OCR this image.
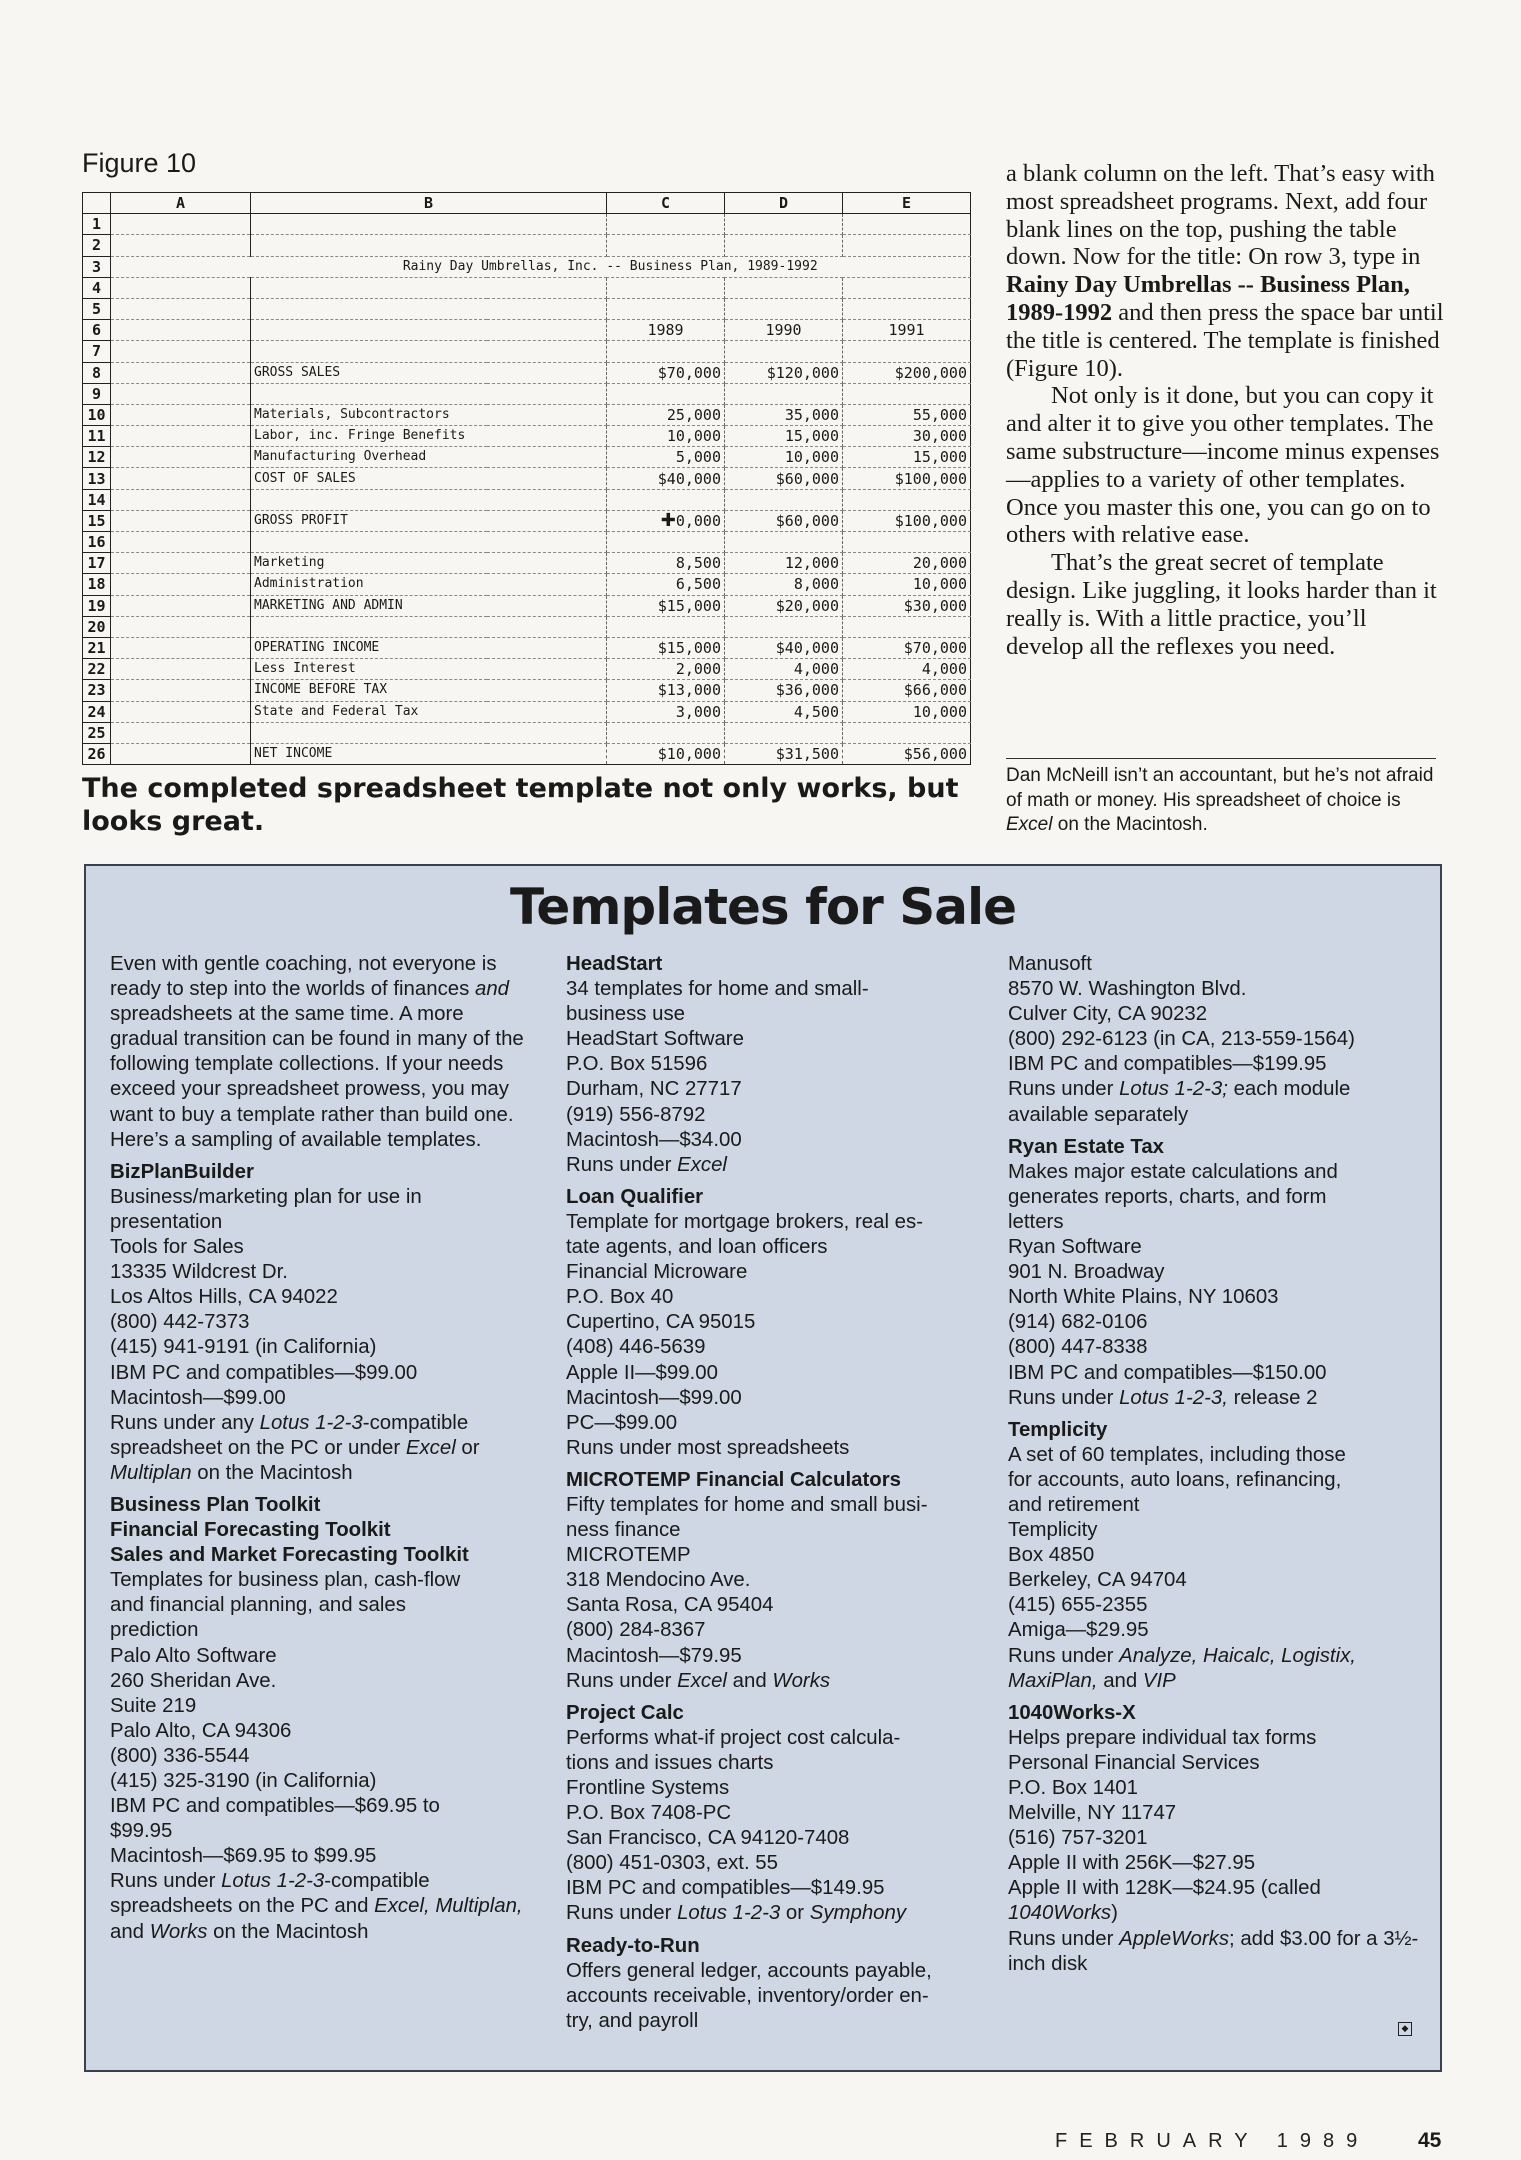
Figure 10
	A	B	C	D	E	
1						
2						
3		Rainy Day Umbrellas, Inc. -- Business Plan, 1989-1992				
4						
5						
6			1989	1990	1991	
7						
8		GROSS SALES	$70,000	$120,000	$200,000	
9						
10		Materials, Subcontractors	25,000	35,000	55,000	
11		Labor, inc. Fringe Benefits	10,000	15,000	30,000	
12		Manufacturing Overhead	5,000	10,000	15,000	
13		COST OF SALES	$40,000	$60,000	$100,000	
14						
15		GROSS PROFIT	✚0,000	$60,000	$100,000	
16						
17		Marketing	8,500	12,000	20,000	
18		Administration	6,500	8,000	10,000	
19		MARKETING AND ADMIN	$15,000	$20,000	$30,000	
20						
21		OPERATING INCOME	$15,000	$40,000	$70,000	
22		Less Interest	2,000	4,000	4,000	
23		INCOME BEFORE TAX	$13,000	$36,000	$66,000	
24		State and Federal Tax	3,000	4,500	10,000	
25						
26		NET INCOME	$10,000	$31,500	$56,000	
The completed spreadsheet template not only works, but looks great.

a blank column on the left. That’s easy with most spreadsheet programs. Next, add four blank lines on the top, pushing the table down. Now for the title: On row 3, type in Rainy Day Umbrellas -- Business Plan, 1989-1992 and then press the space bar until the title is centered. The template is finished (Figure 10).

Not only is it done, but you can copy it and alter it to give you other templates. The same substructure—income minus expenses—applies to a variety of other templates. Once you master this one, you can go on to others with relative ease.

That’s the great secret of template design. Like juggling, it looks harder than it really is. With a little practice, you’ll develop all the reflexes you need.

Dan McNeill isn’t an accountant, but he’s not afraid of math or money. His spreadsheet of choice is Excel on the Macintosh.
Templates for Sale
Even with gentle coaching, not everyone is ready to step into the worlds of finances and spreadsheets at the same time. A more gradual transition can be found in many of the following template collections. If your needs exceed your spreadsheet prowess, you may want to buy a template rather than build one. Here’s a sampling of available templates.
BizPlanBuilder
Business/marketing plan for use in
presentation
Tools for Sales
13335 Wildcrest Dr.
Los Altos Hills, CA 94022
(800) 442-7373
(415) 941-9191 (in California)
IBM PC and compatibles—$99.00
Macintosh—$99.00
Runs under any Lotus 1-2-3-compatible spreadsheet on the PC or under Excel or Multiplan on the Macintosh
Business Plan Toolkit
Financial Forecasting Toolkit
Sales and Market Forecasting Toolkit
Templates for business plan, cash-flow
and financial planning, and sales
prediction
Palo Alto Software
260 Sheridan Ave.
Suite 219
Palo Alto, CA 94306
(800) 336-5544
(415) 325-3190 (in California)
IBM PC and compatibles—$69.95 to
$99.95
Macintosh—$69.95 to $99.95
Runs under Lotus 1-2-3-compatible spreadsheets on the PC and Excel, Multiplan, and Works on the Macintosh
HeadStart
34 templates for home and small-
business use
HeadStart Software
P.O. Box 51596
Durham, NC 27717
(919) 556-8792
Macintosh—$34.00
Runs under Excel
Loan Qualifier
Template for mortgage brokers, real es-
tate agents, and loan officers
Financial Microware
P.O. Box 40
Cupertino, CA 95015
(408) 446-5639
Apple II—$99.00
Macintosh—$99.00
PC—$99.00
Runs under most spreadsheets
MICROTEMP Financial Calculators
Fifty templates for home and small busi-
ness finance
MICROTEMP
318 Mendocino Ave.
Santa Rosa, CA 95404
(800) 284-8367
Macintosh—$79.95
Runs under Excel and Works
Project Calc
Performs what-if project cost calcula-
tions and issues charts
Frontline Systems
P.O. Box 7408-PC
San Francisco, CA 94120-7408
(800) 451-0303, ext. 55
IBM PC and compatibles—$149.95
Runs under Lotus 1-2-3 or Symphony
Ready-to-Run
Offers general ledger, accounts payable,
accounts receivable, inventory/order en-
try, and payroll
Manusoft
8570 W. Washington Blvd.
Culver City, CA 90232
(800) 292-6123 (in CA, 213-559-1564)
IBM PC and compatibles—$199.95
Runs under Lotus 1-2-3; each module available separately
Ryan Estate Tax
Makes major estate calculations and
generates reports, charts, and form
letters
Ryan Software
901 N. Broadway
North White Plains, NY 10603
(914) 682-0106
(800) 447-8338
IBM PC and compatibles—$150.00
Runs under Lotus 1-2-3, release 2
Templicity
A set of 60 templates, including those
for accounts, auto loans, refinancing,
and retirement
Templicity
Box 4850
Berkeley, CA 94704
(415) 655-2355
Amiga—$29.95
Runs under Analyze, Haicalc, Logistix, MaxiPlan, and VIP
1040Works-X
Helps prepare individual tax forms
Personal Financial Services
P.O. Box 1401
Melville, NY 11747
(516) 757-3201
Apple II with 256K—$27.95
Apple II with 128K—$24.95 (called
1040Works)
Runs under AppleWorks; add $3.00 for a 3½-inch disk
◆
FEBRUARY 1989 45
